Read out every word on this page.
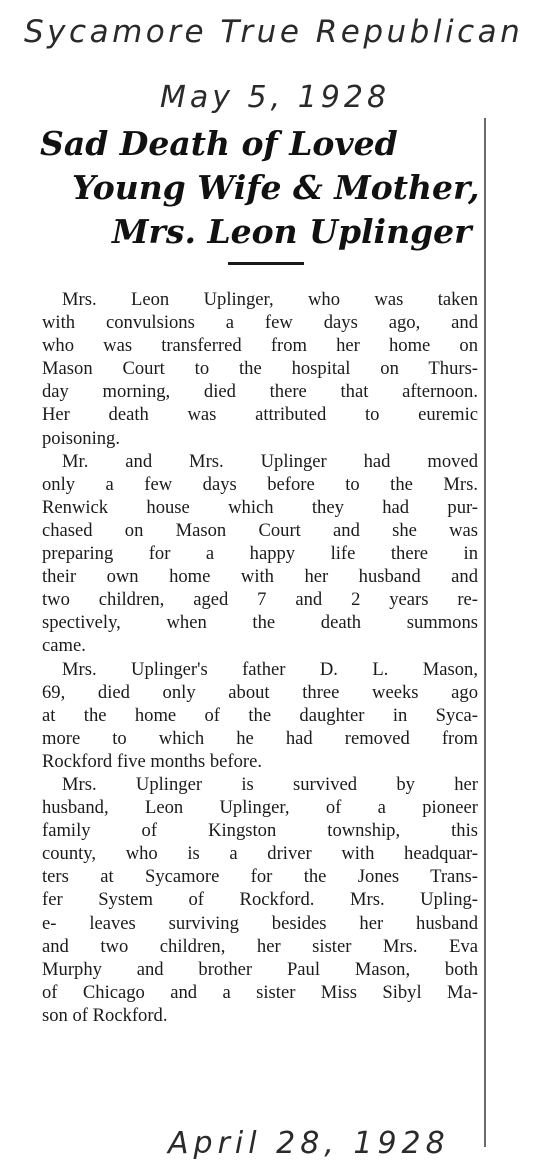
Sycamore True Republican
May 5, 1928
Sad Death of Loved
Young Wife & Mother,
Mrs. Leon Uplinger
Mrs. Leon Uplinger, who was taken
with convulsions a few days ago, and
who was transferred from her home on
Mason Court to the hospital on Thurs-
day morning, died there that afternoon.
Her death was attributed to euremic
poisoning.
Mr. and Mrs. Uplinger had moved
only a few days before to the Mrs.
Renwick house which they had pur-
chased on Mason Court and she was
preparing for a happy life there in
their own home with her husband and
two children, aged 7 and 2 years re-
spectively, when the death summons
came.
Mrs. Uplinger's father D. L. Mason,
69, died only about three weeks ago
at the home of the daughter in Syca-
more to which he had removed from
Rockford five months before.
Mrs. Uplinger is survived by her
husband, Leon Uplinger, of a pioneer
family of Kingston township, this
county, who is a driver with headquar-
ters at Sycamore for the Jones Trans-
fer System of Rockford. Mrs. Upling-
e- leaves surviving besides her husband
and two children, her sister Mrs. Eva
Murphy and brother Paul Mason, both
of Chicago and a sister Miss Sibyl Ma-
son of Rockford.
April 28, 1928
